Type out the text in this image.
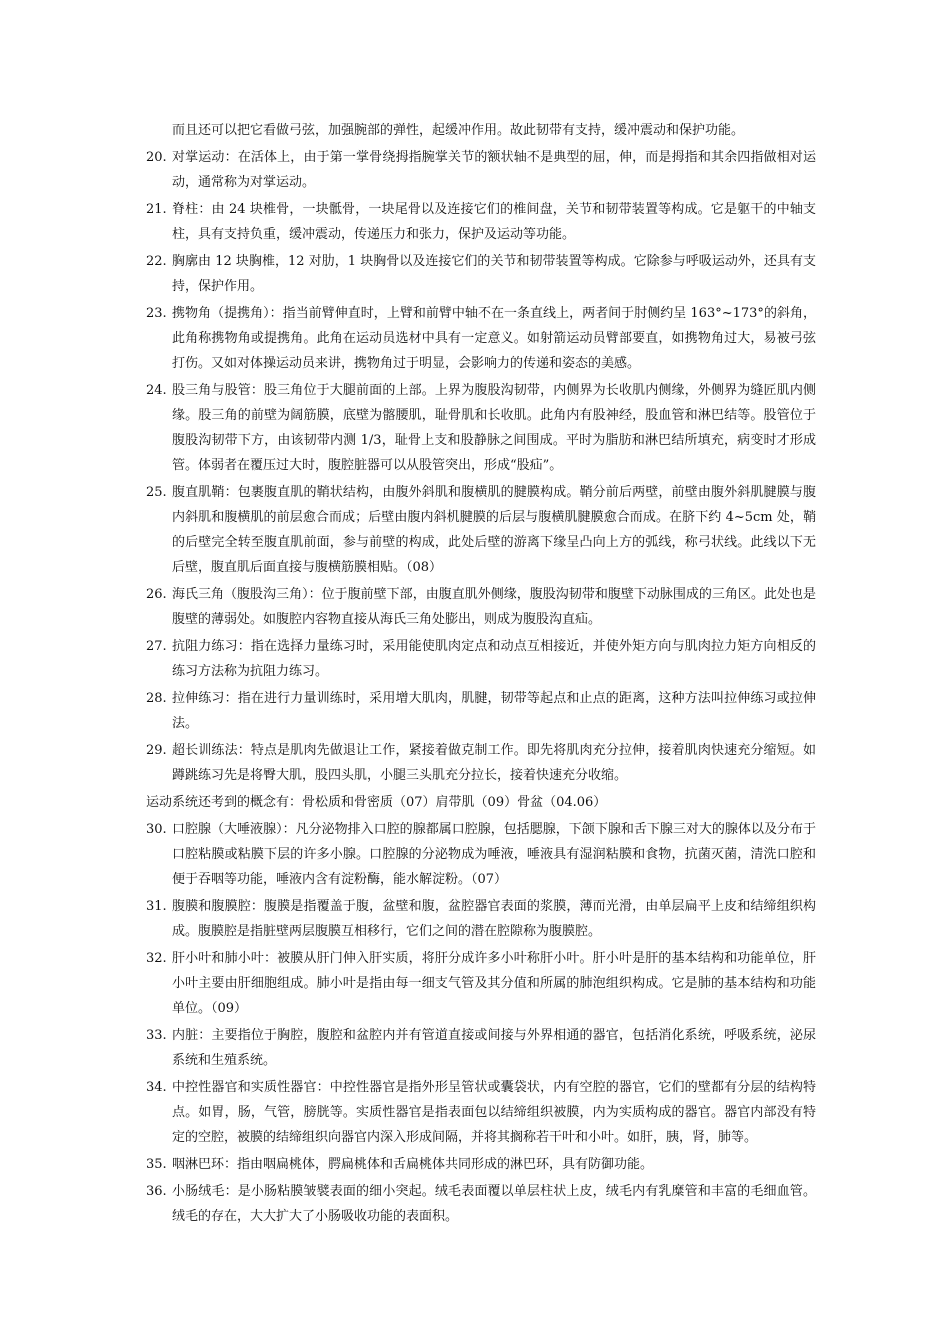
而且还可以把它看做弓弦，加强腕部的弹性，起缓冲作用。故此韧带有支持，缓冲震动和保护功能。

20. 对掌运动：在活体上，由于第一掌骨绕拇指腕掌关节的额状轴不是典型的屈，伸，而是拇指和其余四指做相对运动，通常称为对掌运动。
21. 脊柱：由 24 块椎骨，一块骶骨，一块尾骨以及连接它们的椎间盘，关节和韧带装置等构成。它是躯干的中轴支柱，具有支持负重，缓冲震动，传递压力和张力，保护及运动等功能。
22. 胸廓由 12 块胸椎，12 对肋，1 块胸骨以及连接它们的关节和韧带装置等构成。它除参与呼吸运动外，还具有支持，保护作用。
23. 携物角（提携角）：指当前臂伸直时，上臂和前臂中轴不在一条直线上，两者间于肘侧约呈 163°~173°的斜角，此角称携物角或提携角。此角在运动员选材中具有一定意义。如射箭运动员臂部要直，如携物角过大，易被弓弦打伤。又如对体操运动员来讲，携物角过于明显，会影响力的传递和姿态的美感。
24. 股三角与股管：股三角位于大腿前面的上部。上界为腹股沟韧带，内侧界为长收肌内侧缘，外侧界为缝匠肌内侧缘。股三角的前壁为阔筋膜，底壁为髂腰肌，耻骨肌和长收肌。此角内有股神经，股血管和淋巴结等。股管位于腹股沟韧带下方，由该韧带内测 1/3，耻骨上支和股静脉之间围成。平时为脂肪和淋巴结所填充，病变时才形成管。体弱者在覆压过大时，腹腔脏器可以从股管突出，形成“股疝”。
25. 腹直肌鞘：包裹腹直肌的鞘状结构，由腹外斜肌和腹横肌的腱膜构成。鞘分前后两壁，前壁由腹外斜肌腱膜与腹内斜肌和腹横肌的前层愈合而成；后壁由腹内斜机腱膜的后层与腹横肌腱膜愈合而成。在脐下约 4~5cm 处，鞘的后壁完全转至腹直肌前面，参与前壁的构成，此处后壁的游离下缘呈凸向上方的弧线，称弓状线。此线以下无后壁，腹直肌后面直接与腹横筋膜相贴。（08）
26. 海氏三角（腹股沟三角）：位于腹前壁下部，由腹直肌外侧缘，腹股沟韧带和腹壁下动脉围成的三角区。此处也是腹壁的薄弱处。如腹腔内容物直接从海氏三角处膨出，则成为腹股沟直疝。
27. 抗阻力练习：指在选择力量练习时，采用能使肌肉定点和动点互相接近，并使外矩方向与肌肉拉力矩方向相反的练习方法称为抗阻力练习。
28. 拉伸练习：指在进行力量训练时，采用增大肌肉，肌腱，韧带等起点和止点的距离，这种方法叫拉伸练习或拉伸法。
29. 超长训练法：特点是肌肉先做退让工作，紧接着做克制工作。即先将肌肉充分拉伸，接着肌肉快速充分缩短。如蹲跳练习先是将臀大肌，股四头肌，小腿三头肌充分拉长，接着快速充分收缩。

运动系统还考到的概念有：骨松质和骨密质（07）肩带肌（09）骨盆（04.06）

30. 口腔腺（大唾液腺）：凡分泌物排入口腔的腺都属口腔腺，包括腮腺，下颌下腺和舌下腺三对大的腺体以及分布于口腔粘膜或粘膜下层的许多小腺。口腔腺的分泌物成为唾液，唾液具有湿润粘膜和食物，抗菌灭菌，清洗口腔和便于吞咽等功能，唾液内含有淀粉酶，能水解淀粉。（07）
31. 腹膜和腹膜腔：腹膜是指覆盖于腹，盆壁和腹，盆腔器官表面的浆膜，薄而光滑，由单层扁平上皮和结缔组织构成。腹膜腔是指脏壁两层腹膜互相移行，它们之间的潜在腔隙称为腹膜腔。
32. 肝小叶和肺小叶：被膜从肝门伸入肝实质，将肝分成许多小叶称肝小叶。肝小叶是肝的基本结构和功能单位，肝小叶主要由肝细胞组成。肺小叶是指由每一细支气管及其分值和所属的肺泡组织构成。它是肺的基本结构和功能单位。（09）
33. 内脏：主要指位于胸腔，腹腔和盆腔内并有管道直接或间接与外界相通的器官，包括消化系统，呼吸系统，泌尿系统和生殖系统。
34. 中控性器官和实质性器官：中控性器官是指外形呈管状或囊袋状，内有空腔的器官，它们的壁都有分层的结构特点。如胃，肠，气管，膀胱等。实质性器官是指表面包以结缔组织被膜，内为实质构成的器官。器官内部没有特定的空腔，被膜的结缔组织向器官内深入形成间隔，并将其搁称若干叶和小叶。如肝，胰，肾，肺等。
35. 咽淋巴环：指由咽扁桃体，腭扁桃体和舌扁桃体共同形成的淋巴环，具有防御功能。
36. 小肠绒毛：是小肠粘膜皱襞表面的细小突起。绒毛表面覆以单层柱状上皮，绒毛内有乳糜管和丰富的毛细血管。绒毛的存在，大大扩大了小肠吸收功能的表面积。
